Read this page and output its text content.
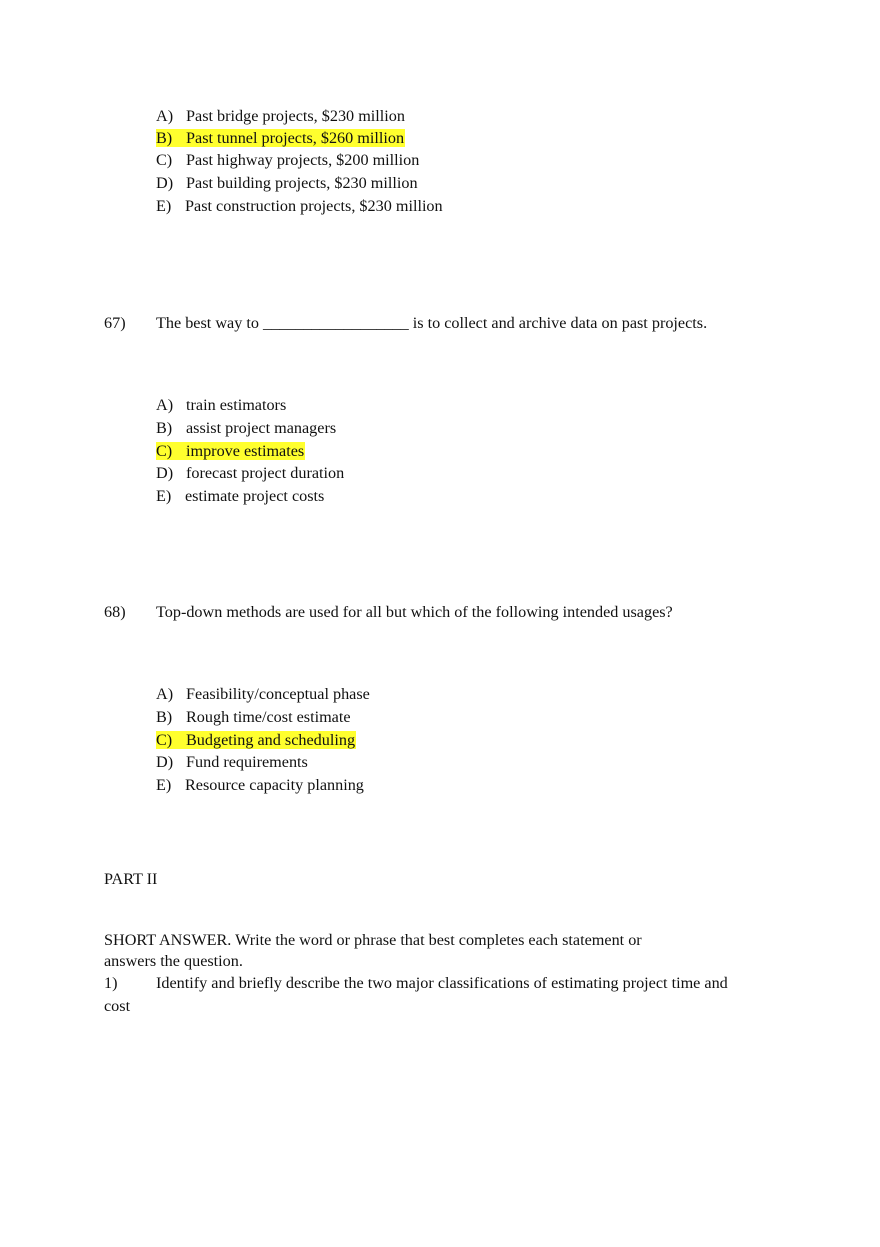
A) Past bridge projects, $230 million
B) Past tunnel projects, $260 million
C) Past highway projects, $200 million
D) Past building projects, $230 million
E) Past construction projects, $230 million
67) The best way to __________________ is to collect and archive data on past projects.
A) train estimators
B) assist project managers
C) improve estimates
D) forecast project duration
E) estimate project costs
68) Top-down methods are used for all but which of the following intended usages?
A) Feasibility/conceptual phase
B) Rough time/cost estimate
C) Budgeting and scheduling
D) Fund requirements
E) Resource capacity planning
PART II
SHORT ANSWER. Write the word or phrase that best completes each statement or
answers the question.
1) Identify and briefly describe the two major classifications of estimating project time and
cost
